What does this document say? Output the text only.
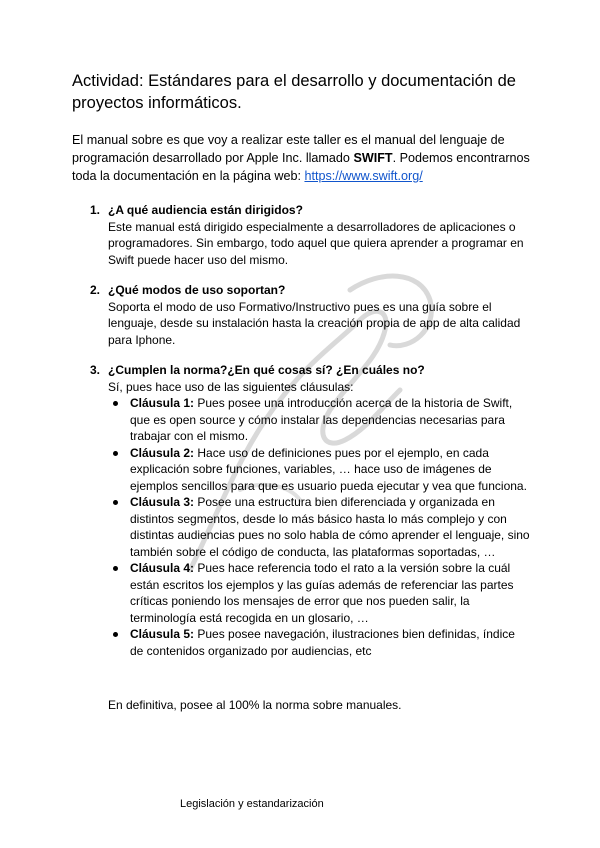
Actividad: Estándares para el desarrollo y documentación de proyectos informáticos.

El manual sobre es que voy a realizar este taller es el manual del lenguaje de programación desarrollado por Apple Inc. llamado SWIFT. Podemos encontrarnos toda la documentación en la página web: https://www.swift.org/

1. ¿A qué audiencia están dirigidos?
Este manual está dirigido especialmente a desarrolladores de aplicaciones o programadores. Sin embargo, todo aquel que quiera aprender a programar en Swift puede hacer uso del mismo.
2. ¿Qué modos de uso soportan?
Soporta el modo de uso Formativo/Instructivo pues es una guía sobre el lenguaje, desde su instalación hasta la creación propia de app de alta calidad para Iphone.
3. ¿Cumplen la norma?¿En qué cosas sí? ¿En cuáles no?
Sí, pues hace uso de las siguientes cláusulas:
Cláusula 1: Pues posee una introducción acerca de la historia de Swift, que es open source y cómo instalar las dependencias necesarias para trabajar con el mismo.
Cláusula 2: Hace uso de definiciones pues por el ejemplo, en cada explicación sobre funciones, variables, … hace uso de imágenes de ejemplos sencillos para que es usuario pueda ejecutar y vea que funciona.
Cláusula 3: Posee una estructura bien diferenciada y organizada en distintos segmentos, desde lo más básico hasta lo más complejo y con distintas audiencias pues no solo habla de cómo aprender el lenguaje, sino también sobre el código de conducta, las plataformas soportadas, …
Cláusula 4: Pues hace referencia todo el rato a la versión sobre la cuál están escritos los ejemplos y las guías además de referenciar las partes críticas poniendo los mensajes de error que nos pueden salir, la terminología está recogida en un glosario, …
Cláusula 5: Pues posee navegación, ilustraciones bien definidas, índice de contenidos organizado por audiencias, etc
En definitiva, posee al 100% la norma sobre manuales.
Legislación y estandarización
